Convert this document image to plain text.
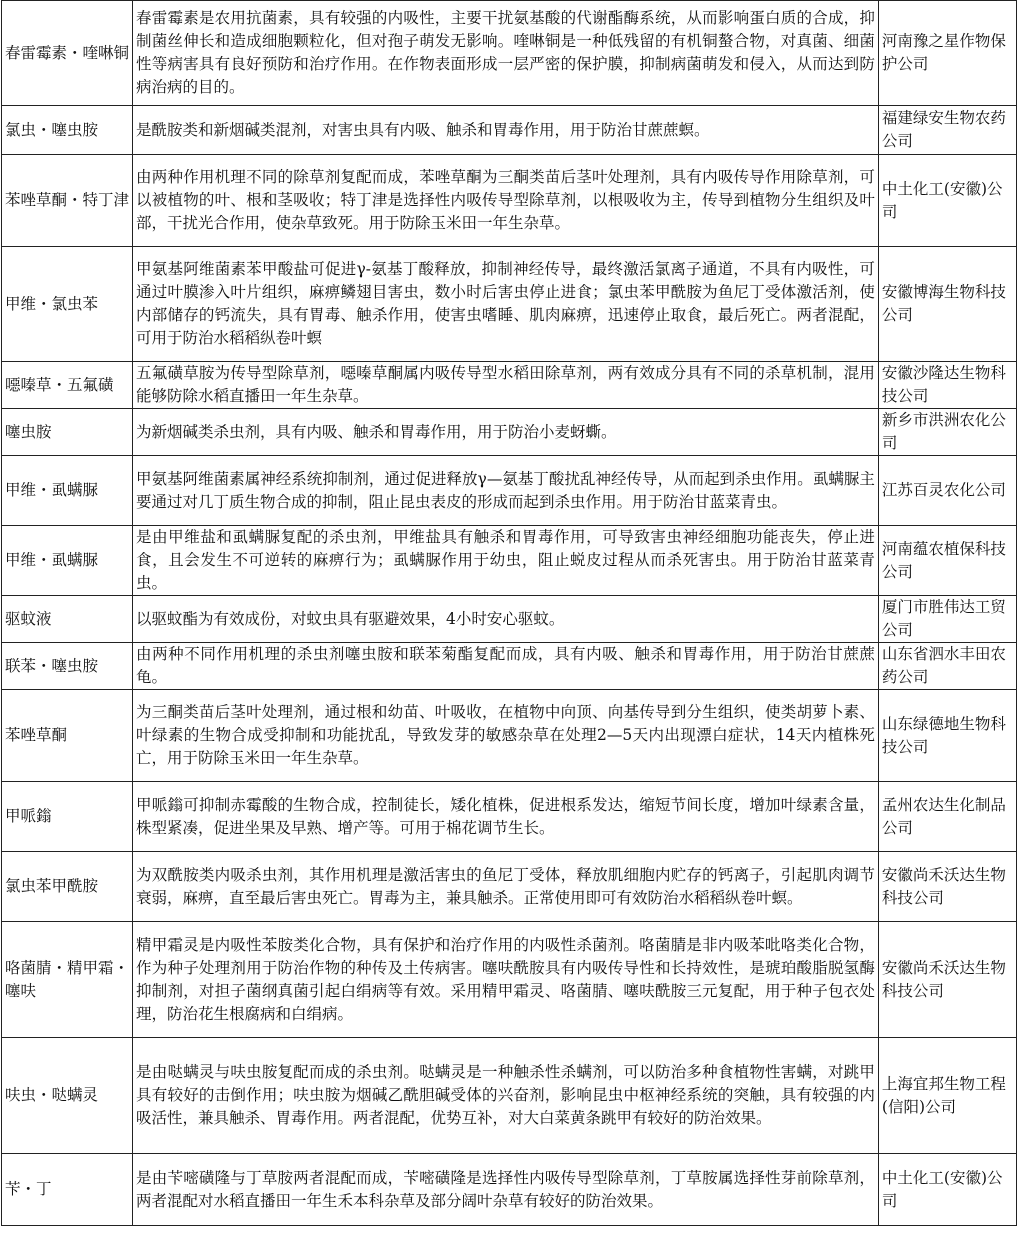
春雷霉素・喹啉铜	春雷霉素是农用抗菌素，具有较强的内吸性，主要干扰氨基酸的代谢酯酶系统，从而影响蛋白质的合成，抑制菌丝伸长和造成细胞颗粒化，但对孢子萌发无影响。喹啉铜是一种低残留的有机铜螯合物，对真菌、细菌性等病害具有良好预防和治疗作用。在作物表面形成一层严密的保护膜，抑制病菌萌发和侵入，从而达到防病治病的目的。	河南豫之星作物保护公司
氯虫・噻虫胺	是酰胺类和新烟碱类混剂，对害虫具有内吸、触杀和胃毒作用，用于防治甘蔗蔗螟。	福建绿安生物农药公司
苯唑草酮・特丁津	由两种作用机理不同的除草剂复配而成，苯唑草酮为三酮类苗后茎叶处理剂，具有内吸传导作用除草剂，可以被植物的叶、根和茎吸收；特丁津是选择性内吸传导型除草剂，以根吸收为主，传导到植物分生组织及叶部，干扰光合作用，使杂草致死。用于防除玉米田一年生杂草。	中土化工(安徽)公司
甲维・氯虫苯	甲氨基阿维菌素苯甲酸盐可促进γ-氨基丁酸释放，抑制神经传导，最终激活氯离子通道，不具有内吸性，可通过叶膜渗入叶片组织，麻痹鳞翅目害虫，数小时后害虫停止进食；氯虫苯甲酰胺为鱼尼丁受体激活剂，使内部储存的钙流失，具有胃毒、触杀作用，使害虫嗜睡、肌肉麻痹，迅速停止取食，最后死亡。两者混配，可用于防治水稻稻纵卷叶螟	安徽博海生物科技公司
噁嗪草・五氟磺	五氟磺草胺为传导型除草剂，噁嗪草酮属内吸传导型水稻田除草剂，两有效成分具有不同的杀草机制，混用能够防除水稻直播田一年生杂草。	安徽沙隆达生物科技公司
噻虫胺	为新烟碱类杀虫剂，具有内吸、触杀和胃毒作用，用于防治小麦蚜蟖。	新乡市洪洲农化公司
甲维・虱螨脲	甲氨基阿维菌素属神经系统抑制剂，通过促进释放γ—氨基丁酸扰乱神经传导，从而起到杀虫作用。虱螨脲主要通过对几丁质生物合成的抑制，阻止昆虫表皮的形成而起到杀虫作用。用于防治甘蓝菜青虫。	江苏百灵农化公司
甲维・虱螨脲	是由甲维盐和虱螨脲复配的杀虫剂，甲维盐具有触杀和胃毒作用，可导致害虫神经细胞功能丧失，停止进食，且会发生不可逆转的麻痹行为；虱螨脲作用于幼虫，阻止蜕皮过程从而杀死害虫。用于防治甘蓝菜青虫。	河南蕴农植保科技公司
驱蚊液	以驱蚊酯为有效成份，对蚊虫具有驱避效果，4小时安心驱蚊。	厦门市胜伟达工贸公司
联苯・噻虫胺	由两种不同作用机理的杀虫剂噻虫胺和联苯菊酯复配而成，具有内吸、触杀和胃毒作用，用于防治甘蔗蔗龟。	山东省泗水丰田农药公司
苯唑草酮	为三酮类苗后茎叶处理剂，通过根和幼苗、叶吸收，在植物中向顶、向基传导到分生组织，使类胡萝卜素、叶绿素的生物合成受抑制和功能扰乱，导致发芽的敏感杂草在处理2—5天内出现漂白症状，14天内植株死亡，用于防除玉米田一年生杂草。	山东绿德地生物科技公司
甲哌鎓	甲哌鎓可抑制赤霉酸的生物合成，控制徒长，矮化植株，促进根系发达，缩短节间长度，增加叶绿素含量，株型紧凑，促进坐果及早熟、增产等。可用于棉花调节生长。	孟州农达生化制品公司
氯虫苯甲酰胺	为双酰胺类内吸杀虫剂，其作用机理是激活害虫的鱼尼丁受体，释放肌细胞内贮存的钙离子，引起肌肉调节衰弱，麻痹，直至最后害虫死亡。胃毒为主，兼具触杀。正常使用即可有效防治水稻稻纵卷叶螟。	安徽尚禾沃达生物科技公司
咯菌腈・精甲霜・噻呋	精甲霜灵是内吸性苯胺类化合物，具有保护和治疗作用的内吸性杀菌剂。咯菌腈是非内吸苯吡咯类化合物，作为种子处理剂用于防治作物的种传及土传病害。噻呋酰胺具有内吸传导性和长持效性，是琥珀酸脂脱氢酶抑制剂，对担子菌纲真菌引起白绢病等有效。采用精甲霜灵、咯菌腈、噻呋酰胺三元复配，用于种子包衣处理，防治花生根腐病和白绢病。	安徽尚禾沃达生物科技公司
呋虫・哒螨灵	是由哒螨灵与呋虫胺复配而成的杀虫剂。哒螨灵是一种触杀性杀螨剂，可以防治多种食植物性害螨，对跳甲具有较好的击倒作用；呋虫胺为烟碱乙酰胆碱受体的兴奋剂，影响昆虫中枢神经系统的突触，具有较强的内吸活性，兼具触杀、胃毒作用。两者混配，优势互补，对大白菜黄条跳甲有较好的防治效果。	上海宜邦生物工程(信阳)公司
苄・丁	是由苄嘧磺隆与丁草胺两者混配而成，苄嘧磺隆是选择性内吸传导型除草剂，丁草胺属选择性芽前除草剂，两者混配对水稻直播田一年生禾本科杂草及部分阔叶杂草有较好的防治效果。	中土化工(安徽)公司
